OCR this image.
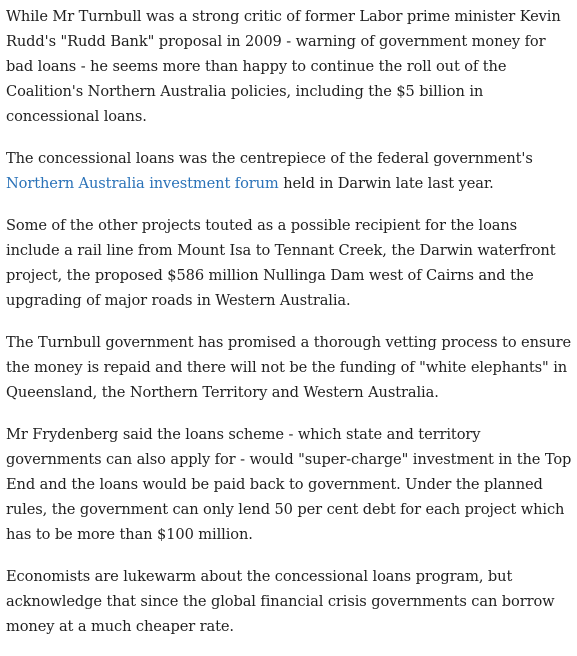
While Mr Turnbull was a strong critic of former Labor prime minister Kevin Rudd's "Rudd Bank" proposal in 2009 - warning of government money for bad loans - he seems more than happy to continue the roll out of the Coalition's Northern Australia policies, including the $5 billion in concessional loans.

The concessional loans was the centrepiece of the federal government's Northern Australia investment forum held in Darwin late last year.

Some of the other projects touted as a possible recipient for the loans include a rail line from Mount Isa to Tennant Creek, the Darwin waterfront project, the proposed $586 million Nullinga Dam west of Cairns and the upgrading of major roads in Western Australia.

The Turnbull government has promised a thorough vetting process to ensure the money is repaid and there will not be the funding of "white elephants" in Queensland, the Northern Territory and Western Australia.

Mr Frydenberg said the loans scheme - which state and territory governments can also apply for - would "super-charge" investment in the Top End and the loans would be paid back to government. Under the planned rules, the government can only lend 50 per cent debt for each project which has to be more than $100 million.

Economists are lukewarm about the concessional loans program, but acknowledge that since the global financial crisis governments can borrow money at a much cheaper rate.
